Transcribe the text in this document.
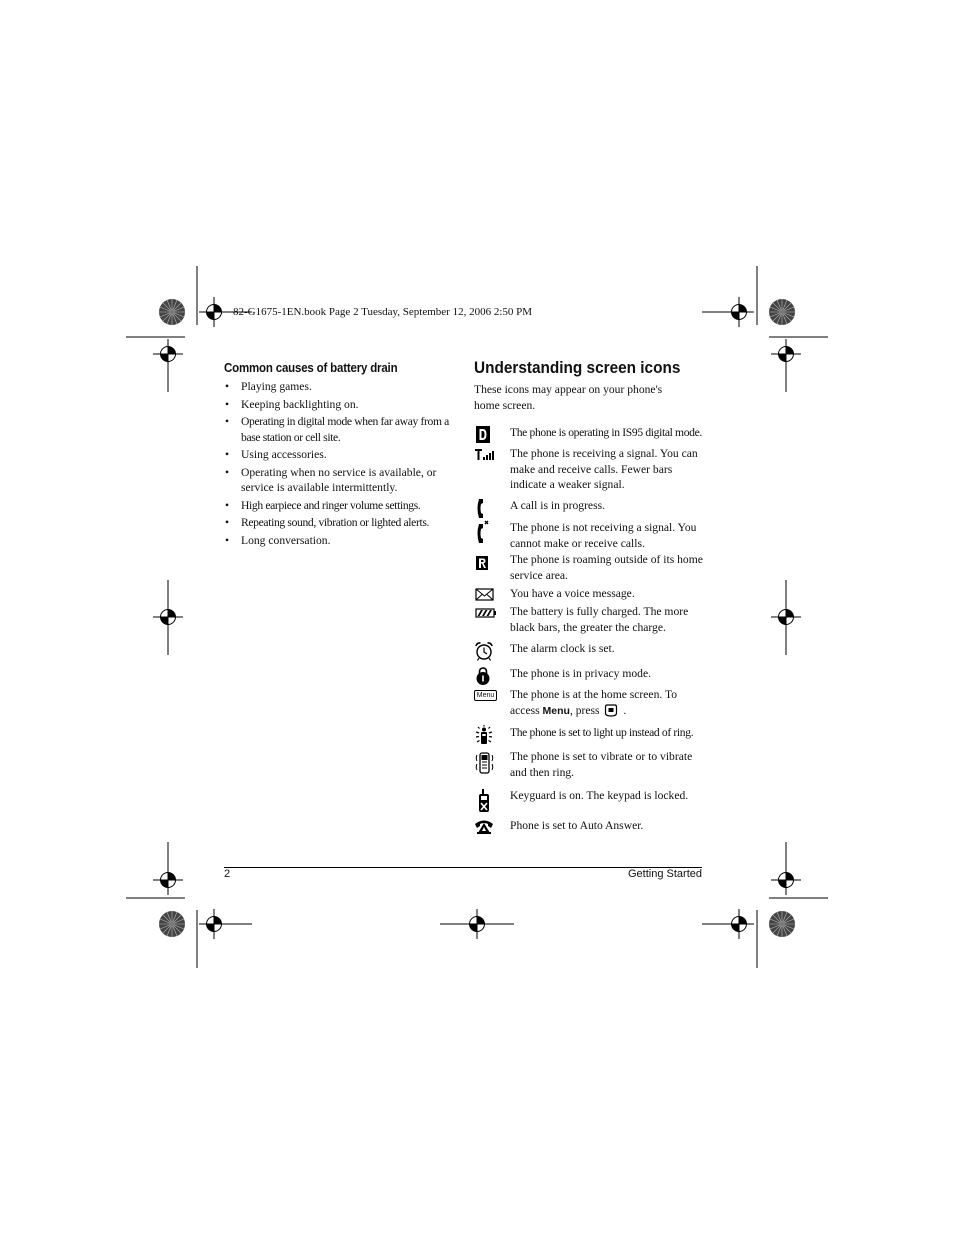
82-G1675-1EN.book Page 2 Tuesday, September 12, 2006 2:50 PM
Common causes of battery drain
• Playing games.
• Keeping backlighting on.
• Operating in digital mode when far away from a base station or cell site.
• Using accessories.
• Operating when no service is available, or service is available intermittently.
• High earpiece and ringer volume settings.
• Repeating sound, vibration or lighted alerts.
• Long conversation.
Understanding screen icons
These icons may appear on your phone's home screen.
The phone is operating in IS95 digital mode.
The phone is receiving a signal. You can make and receive calls. Fewer bars indicate a weaker signal.
A call is in progress.
The phone is not receiving a signal. You cannot make or receive calls.
The phone is roaming outside of its home service area.
You have a voice message.
The battery is fully charged. The more black bars, the greater the charge.
The alarm clock is set.
The phone is in privacy mode.
Menu The phone is at the home screen. To access Menu, press .
The phone is set to light up instead of ring.
The phone is set to vibrate or to vibrate and then ring.
Keyguard is on. The keypad is locked.
Phone is set to Auto Answer.
2	Getting Started
